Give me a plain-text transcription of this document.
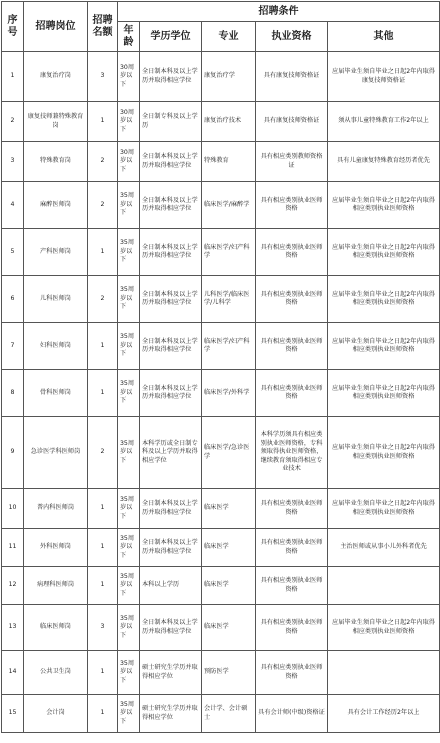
序号	招聘岗位	招聘名额	招聘条件				
			年龄	学历学位	专业	执业资格	其他
1	康复治疗岗	3	30周岁以下	全日制本科及以上学历并取得相应学位	康复治疗学	具有康复技师资格证	应届毕业生须自毕业之日起2年内取得康复技师资格证
2	康复技师兼特殊教育岗	1	30周岁以下	全日制专科及以上学历	康复治疗技术	具有康复技师资格证	须从事儿童特殊教育工作2年以上
3	特殊教育岗	2	30周岁以下	全日制本科及以上学历并取得相应学位	特殊教育	具有相应类别教师资格证	具有儿童康复特殊教育经历者优先
4	麻醉医师岗	2	35周岁以下	全日制本科及以上学历并取得相应学位	临床医学/麻醉学	具有相应类别执业医师资格	应届毕业生须自毕业之日起2年内取得相应类别执业医师资格
5	产科医师岗	1	35周岁以下	全日制本科及以上学历并取得相应学位	临床医学/妇产科学	具有相应类别执业医师资格	应届毕业生须自毕业之日起2年内取得相应类别执业医师资格
6	儿科医师岗	2	35周岁以下	全日制本科及以上学历并取得相应学位	儿科医学/临床医学/儿科学	具有相应类别执业医师资格	应届毕业生须自毕业之日起2年内取得相应类别执业医师资格
7	妇科医师岗	1	35周岁以下	全日制本科及以上学历并取得相应学位	临床医学/妇产科学	具有相应类别执业医师资格	应届毕业生须自毕业之日起2年内取得相应类别执业医师资格
8	骨科医师岗	1	35周岁以下	全日制本科及以上学历并取得相应学位	临床医学/外科学	具有相应类别执业医师资格	应届毕业生须自毕业之日起2年内取得相应类别执业医师资格
9	急诊医学科医师岗	2	35周岁以下	本科学历或全日制专科及以上学历并取得相应学位	临床医学/急诊医学	本科学历须具有相应类别执业医师资格，专科须取得执业医师资格，继续教育须取得相应专业技术	应届毕业生须自毕业之日起2年内取得相应类别执业医师资格
10	普内科医师岗	1	35周岁以下	全日制本科及以上学历并取得相应学位	临床医学	具有相应类别执业医师资格	应届毕业生须自毕业之日起2年内取得相应类别执业医师资格
11	外科医师岗	1	35周岁以下	全日制本科及以上学历并取得相应学位	临床医学	具有相应类别执业医师资格	主治医师或从事小儿外科者优先
12	病理科医师岗	1	35周岁以下	本科以上学历	临床医学	具有相应类别执业医师资格	
13	临床医师岗	3	35周岁以下	全日制本科及以上学历并取得相应学位	临床医学	具有相应类别执业医师资格	应届毕业生须自毕业之日起2年内取得相应类别执业医师资格
14	公共卫生岗	1	35周岁以下	硕士研究生学历并取得相应学位	预防医学	具有相应类别执业医师资格	
15	会计岗	1	35周岁以下	硕士研究生学历并取得相应学位	会计学、会计硕士	具有会计师(中级)资格证	具有会计工作经历2年以上
